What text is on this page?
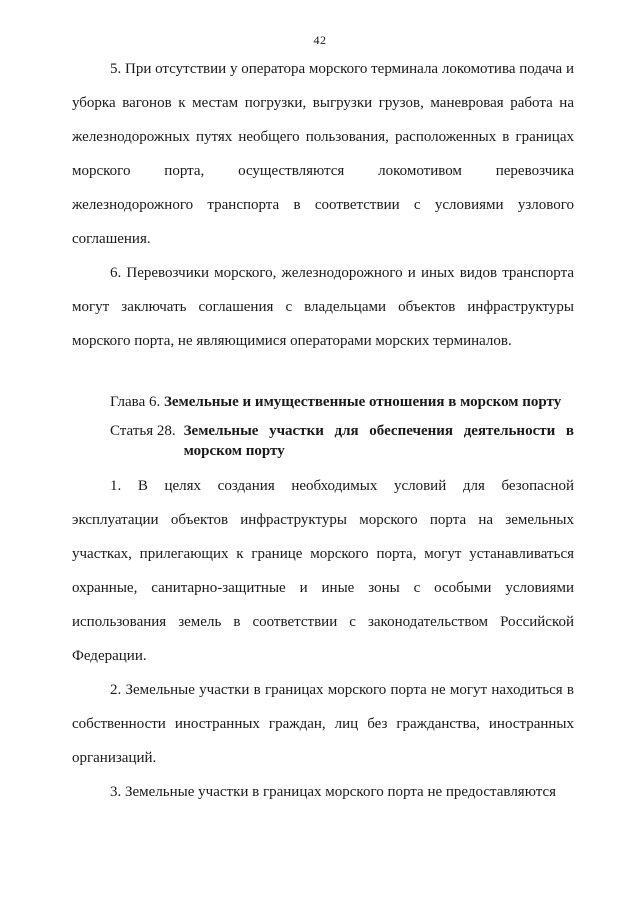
42

5. При отсутствии у оператора морского терминала локомотива подача и уборка вагонов к местам погрузки, выгрузки грузов, маневровая работа на железнодорожных путях необщего пользования, расположенных в границах морского порта, осуществляются локомотивом перевозчика железнодорожного транспорта в соответствии с условиями узлового соглашения.

6. Перевозчики морского, железнодорожного и иных видов транспорта могут заключать соглашения с владельцами объектов инфраструктуры морского порта, не являющимися операторами морских терминалов.

Глава 6. Земельные и имущественные отношения в морском порту
Статья 28. Земельные участки для обеспечения деятельности в морском порту

1. В целях создания необходимых условий для безопасной эксплуатации объектов инфраструктуры морского порта на земельных участках, прилегающих к границе морского порта, могут устанавливаться охранные, санитарно-защитные и иные зоны с особыми условиями использования земель в соответствии с законодательством Российской Федерации.

2. Земельные участки в границах морского порта не могут находиться в собственности иностранных граждан, лиц без гражданства, иностранных организаций.

3. Земельные участки в границах морского порта не предоставляются
